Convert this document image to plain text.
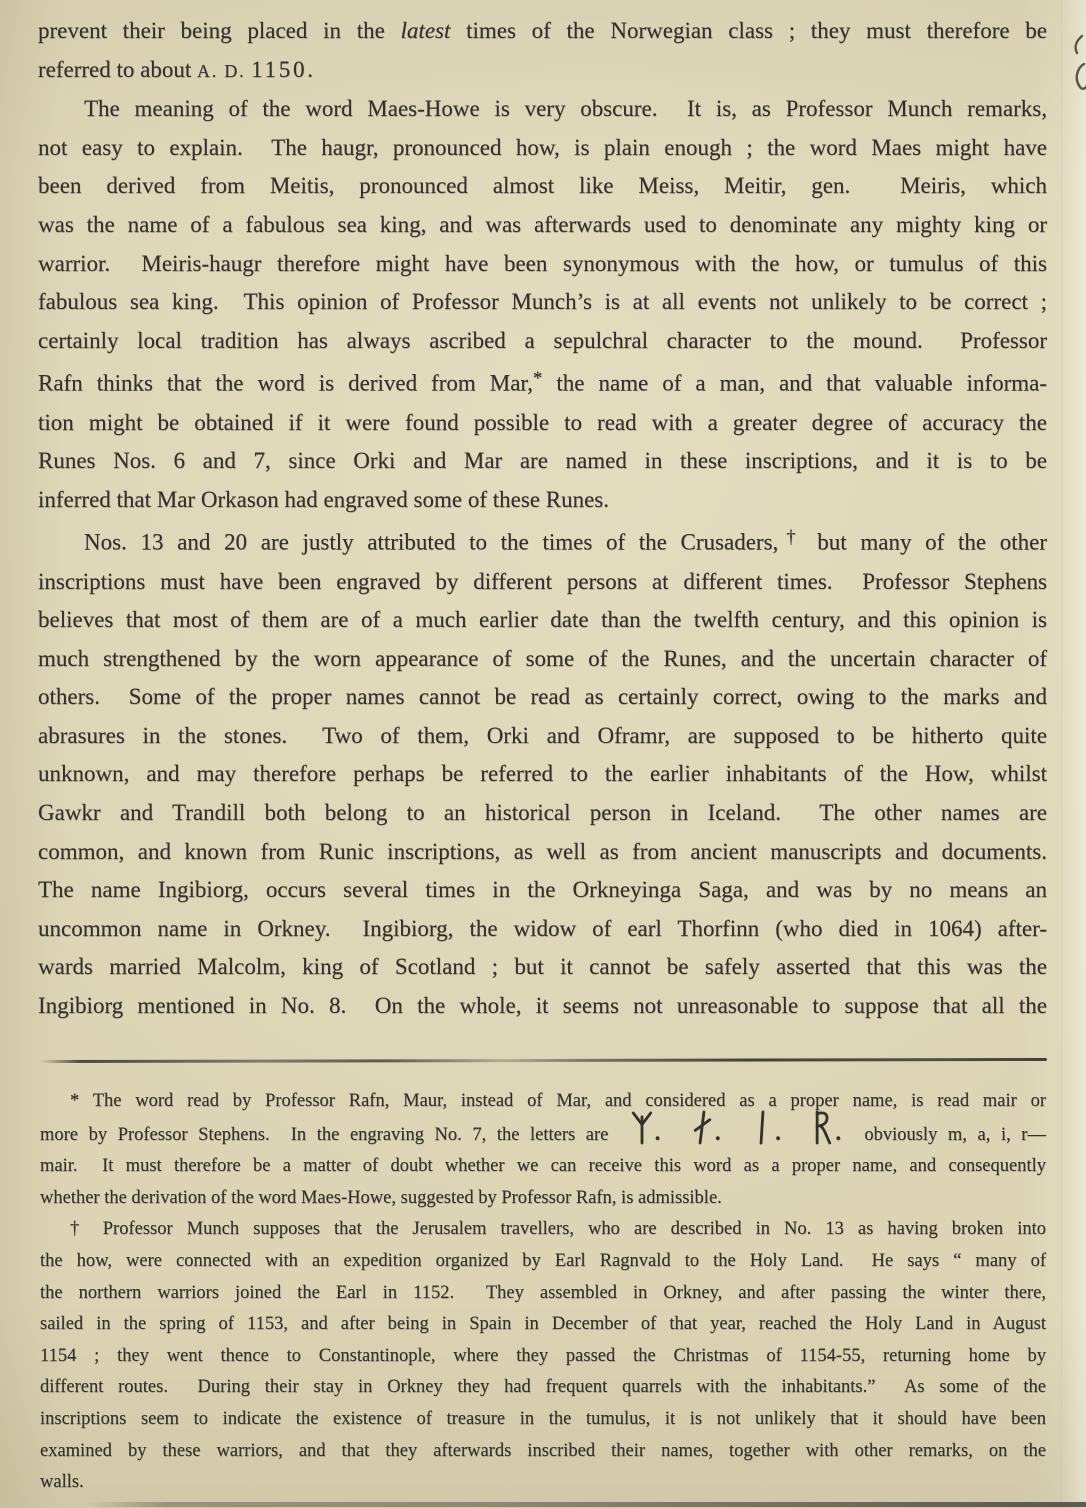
prevent their being placed in the latest times of the Norwegian class ; they must therefore be
referred to about A. D. 1150.
The meaning of the word Maes-Howe is very obscure.  It is, as Professor Munch remarks,
not easy to explain.  The haugr, pronounced how, is plain enough ; the word Maes might have
been derived from Meitis, pronounced almost like Meiss, Meitir, gen.  Meiris, which
was the name of a fabulous sea king, and was afterwards used to denominate any mighty king or
warrior.  Meiris-haugr therefore might have been synonymous with the how, or tumulus of this
fabulous sea king.  This opinion of Professor Munch’s is at all events not unlikely to be correct ;
certainly local tradition has always ascribed a sepulchral character to the mound.  Professor
Rafn thinks that the word is derived from Mar,* the name of a man, and that valuable informa-
tion might be obtained if it were found possible to read with a greater degree of accuracy the
Runes Nos. 6 and 7, since Orki and Mar are named in these inscriptions, and it is to be
inferred that Mar Orkason had engraved some of these Runes.
Nos. 13 and 20 are justly attributed to the times of the Crusaders,† but many of the other
inscriptions must have been engraved by different persons at different times.  Professor Stephens
believes that most of them are of a much earlier date than the twelfth century, and this opinion is
much strengthened by the worn appearance of some of the Runes, and the uncertain character of
others.  Some of the proper names cannot be read as certainly correct, owing to the marks and
abrasures in the stones.  Two of them, Orki and Oframr, are supposed to be hitherto quite
unknown, and may therefore perhaps be referred to the earlier inhabitants of the How, whilst
Gawkr and Trandill both belong to an historical person in Iceland.  The other names are
common, and known from Runic inscriptions, as well as from ancient manuscripts and documents.
The name Ingibiorg, occurs several times in the Orkneyinga Saga, and was by no means an
uncommon name in Orkney.  Ingibiorg, the widow of earl Thorfinn (who died in 1064) after-
wards married Malcolm, king of Scotland ; but it cannot be safely asserted that this was the
Ingibiorg mentioned in No. 8.  On the whole, it seems not unreasonable to suppose that all the
* The word read by Professor Rafn, Maur, instead of Mar, and considered as a proper name, is read mair or
more by Professor Stephens.  In the engraving No. 7, the letters are
.
.
.
.  obviously m, a, i, r—
mair.  It must therefore be a matter of doubt whether we can receive this word as a proper name, and consequently
whether the derivation of the word Maes-Howe, suggested by Professor Rafn, is admissible.
† Professor Munch supposes that the Jerusalem travellers, who are described in No. 13 as having broken into
the how, were connected with an expedition organized by Earl Ragnvald to the Holy Land.  He says “ many of
the northern warriors joined the Earl in 1152.  They assembled in Orkney, and after passing the winter there,
sailed in the spring of 1153, and after being in Spain in December of that year, reached the Holy Land in August
1154 ; they went thence to Constantinople, where they passed the Christmas of 1154-55, returning home by
different routes.  During their stay in Orkney they had frequent quarrels with the inhabitants.”  As some of the
inscriptions seem to indicate the existence of treasure in the tumulus, it is not unlikely that it should have been
examined by these warriors, and that they afterwards inscribed their names, together with other remarks, on the
walls.
